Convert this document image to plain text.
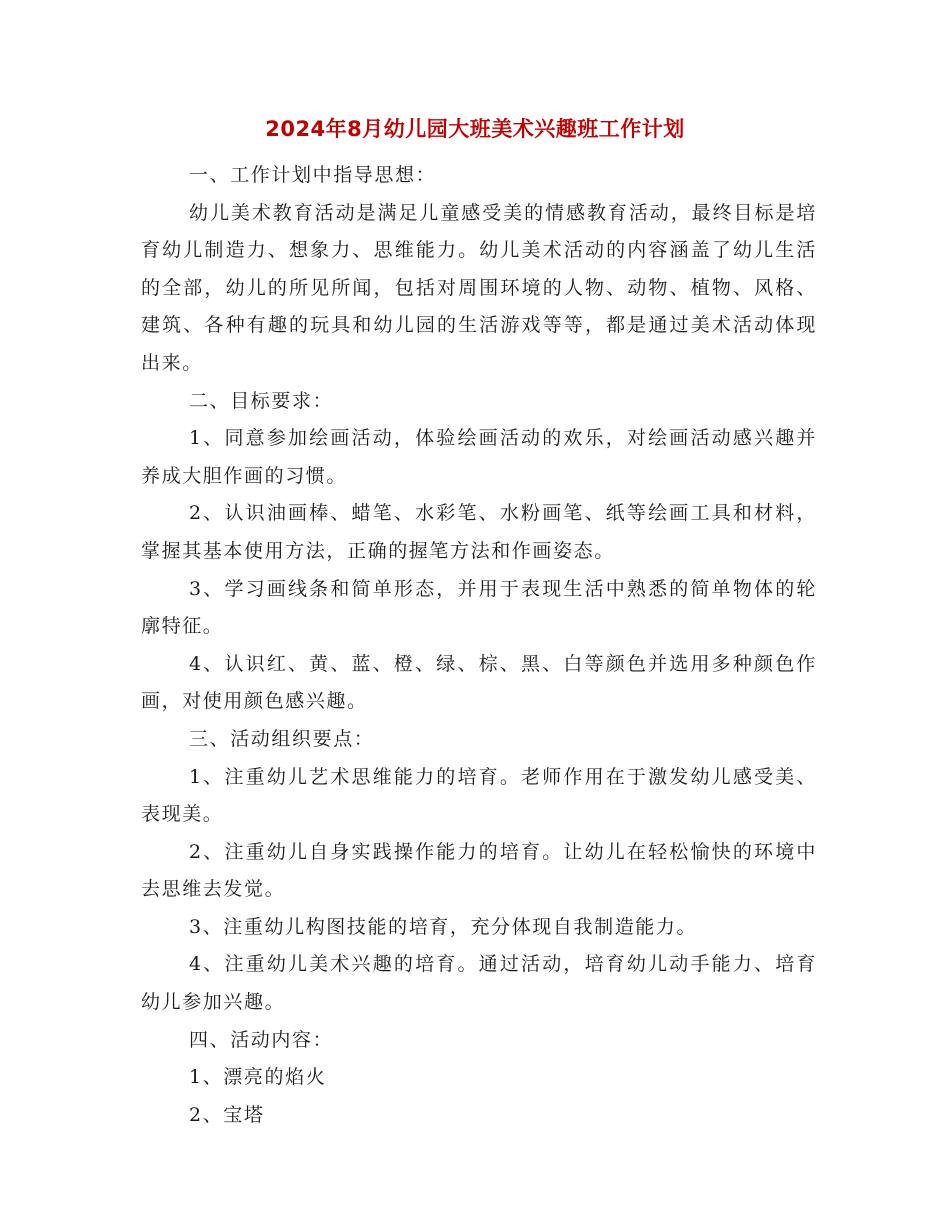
2024年8月幼儿园大班美术兴趣班工作计划

一、工作计划中指导思想：

幼儿美术教育活动是满足儿童感受美的情感教育活动，最终目标是培育幼儿制造力、想象力、思维能力。幼儿美术活动的内容涵盖了幼儿生活的全部，幼儿的所见所闻，包括对周围环境的人物、动物、植物、风格、建筑、各种有趣的玩具和幼儿园的生活游戏等等，都是通过美术活动体现出来。

二、目标要求：

1、同意参加绘画活动，体验绘画活动的欢乐，对绘画活动感兴趣并养成大胆作画的习惯。

2、认识油画棒、蜡笔、水彩笔、水粉画笔、纸等绘画工具和材料，掌握其基本使用方法，正确的握笔方法和作画姿态。

3、学习画线条和简单形态，并用于表现生活中熟悉的简单物体的轮廓特征。

4、认识红、黄、蓝、橙、绿、棕、黑、白等颜色并选用多种颜色作画，对使用颜色感兴趣。

三、活动组织要点：

1、注重幼儿艺术思维能力的培育。老师作用在于激发幼儿感受美、表现美。

2、注重幼儿自身实践操作能力的培育。让幼儿在轻松愉快的环境中去思维去发觉。

3、注重幼儿构图技能的培育，充分体现自我制造能力。

4、注重幼儿美术兴趣的培育。通过活动，培育幼儿动手能力、培育幼儿参加兴趣。

四、活动内容：

1、漂亮的焰火

2、宝塔
